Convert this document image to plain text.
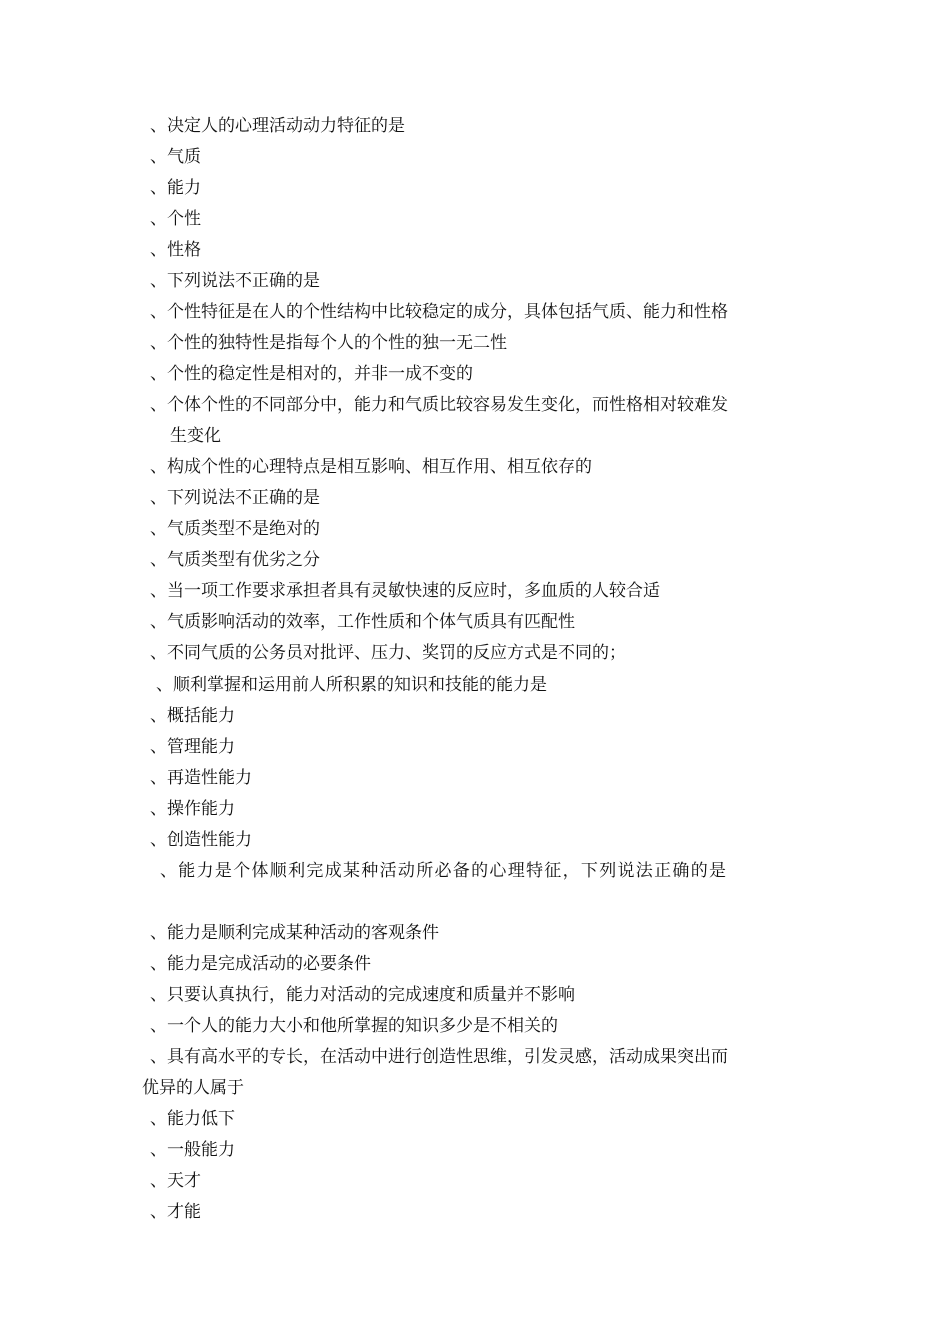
、决定人的心理活动动力特征的是
、气质
、能力
、个性
、性格
、下列说法不正确的是
、个性特征是在人的个性结构中比较稳定的成分，具体包括气质、能力和性格
、个性的独特性是指每个人的个性的独一无二性
、个性的稳定性是相对的，并非一成不变的
、个体个性的不同部分中，能力和气质比较容易发生变化，而性格相对较难发
生变化
、构成个性的心理特点是相互影响、相互作用、相互依存的
、下列说法不正确的是
、气质类型不是绝对的
、气质类型有优劣之分
、当一项工作要求承担者具有灵敏快速的反应时，多血质的人较合适
、气质影响活动的效率，工作性质和个体气质具有匹配性
、不同气质的公务员对批评、压力、奖罚的反应方式是不同的；
、顺利掌握和运用前人所积累的知识和技能的能力是
、概括能力
、管理能力
、再造性能力
、操作能力
、创造性能力
、能力是个体顺利完成某种活动所必备的心理特征，下列说法正确的是
、能力是顺利完成某种活动的客观条件
、能力是完成活动的必要条件
、只要认真执行，能力对活动的完成速度和质量并不影响
、一个人的能力大小和他所掌握的知识多少是不相关的
、具有高水平的专长，在活动中进行创造性思维，引发灵感，活动成果突出而
优异的人属于
、能力低下
、一般能力
、天才
、才能
